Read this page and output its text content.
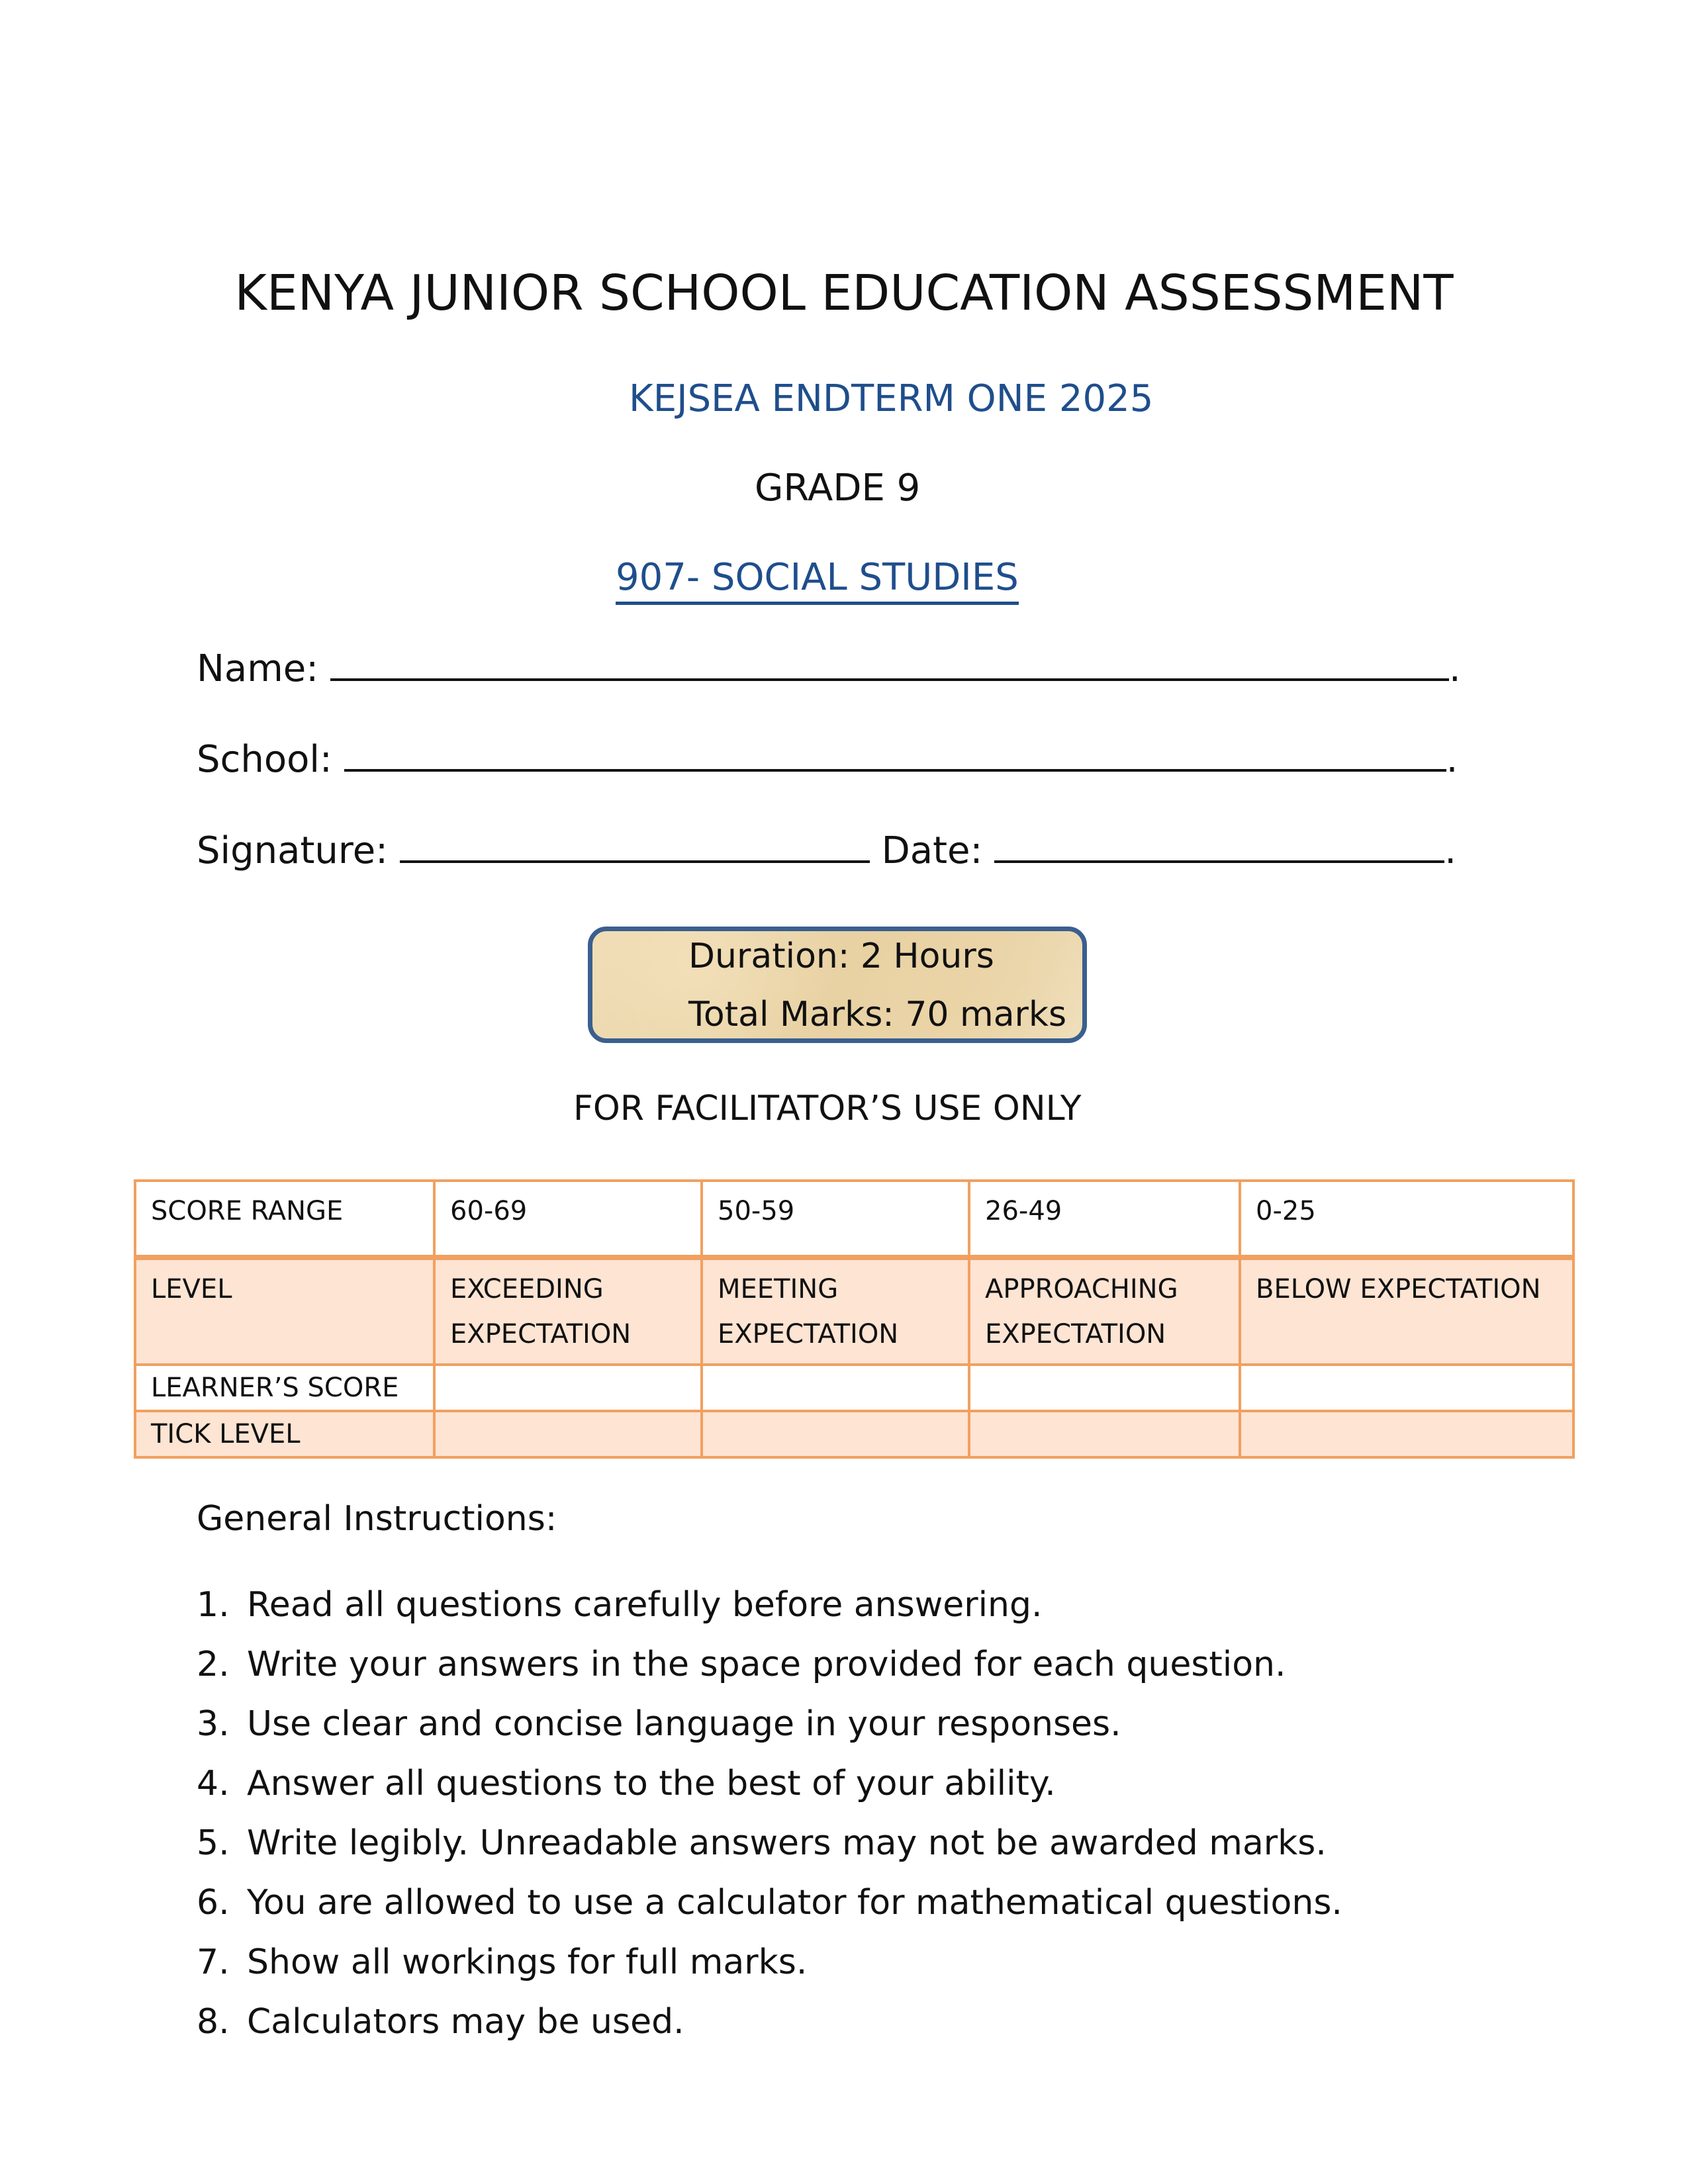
KENYA JUNIOR SCHOOL EDUCATION ASSESSMENT
KEJSEA ENDTERM ONE 2025
GRADE 9
907- SOCIAL STUDIES
Name:	.
School:	.
Signature:	Date:	.
Duration: 2 Hours
Total Marks: 70 marks
FOR FACILITATOR’S USE ONLY
SCORE RANGE	60-69	50-59	26-49	0-25
LEVEL	EXCEEDING EXPECTATION	MEETING EXPECTATION	APPROACHING EXPECTATION	BELOW EXPECTATION
LEARNER’S SCORE				
TICK LEVEL				
General Instructions:
1. Read all questions carefully before answering.
2. Write your answers in the space provided for each question.
3. Use clear and concise language in your responses.
4. Answer all questions to the best of your ability.
5. Write legibly. Unreadable answers may not be awarded marks.
6. You are allowed to use a calculator for mathematical questions.
7. Show all workings for full marks.
8. Calculators may be used.
